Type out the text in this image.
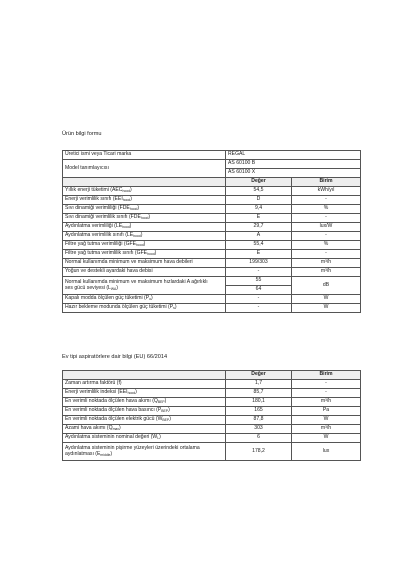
Ürün bilgi formu
Üretici ismi veya Ticari marka	REGAL	
Model tanımlayıcısı	AS 60100 B	
	AS 60100 X	
	Değer	Birim
Yıllık enerji tüketimi $(AEC_{hood})$	54,5	kWh/yıl
Enerji verimlilik sınıfı $(EEI_{hood})$	D	-
Sıvı dinamiği verimliliği $(FDE_{hood})$	9,4	%
Sıvı dinamiği verimlilik sınıfı $(FDE_{hood})$	E	-
Aydınlatma verimliliği $(LE_{hood})$	29,7	lux/W
Aydınlatma verimlilik sınıfı $(LE_{hood})$	A	-
Filtre yağ tutma verimliliği $(GFE_{hood})$	55,4	%
Filtre yağ tutma verimlilik sınıfı $(GFE_{hood})$	E	-
Normal kullanımda minimum ve maksimum hava debileri	199/303	m³/h
Yoğun ve destekli ayardaki hava debisi	-	m³/h
Normal kullanımda minimum ve maksimum hızlardaki A ağırlıklı
ses gücü seviyesi $(L_{WA})$	55	dB
	64	
Kapalı modda ölçülen güç tüketimi $(P_o)$	-	W
Hazır bekleme modunda ölçülen güç tüketimi $(P_s)$	-	W
Ev tipi aspiratörlere dair bilgi (EU) 66/2014
	Değer	Birim
Zaman artırma faktörü (f)	1,7	-
Enerji verimlilik indeksi $(EEI_{hood})$	85,7	-
En verimli noktada ölçülen hava akımı $(Q_{BEP})$	180,1	m³/h
En verimli noktada ölçülen hava basıncı $(P_{BEP})$	165	Pa
En verimli noktada ölçülen elektrik gücü $(W_{BEP})$	87,8	W
Azami hava akımı $(Q_{max})$	303	m³/h
Aydınlatma sisteminin nominal değeri $(W_L)$	6	W
Aydınlatma sisteminin pişirme yüzeyleri üzerindeki ortalama
aydınlatması $(E_{middle})$	178,2	lux
